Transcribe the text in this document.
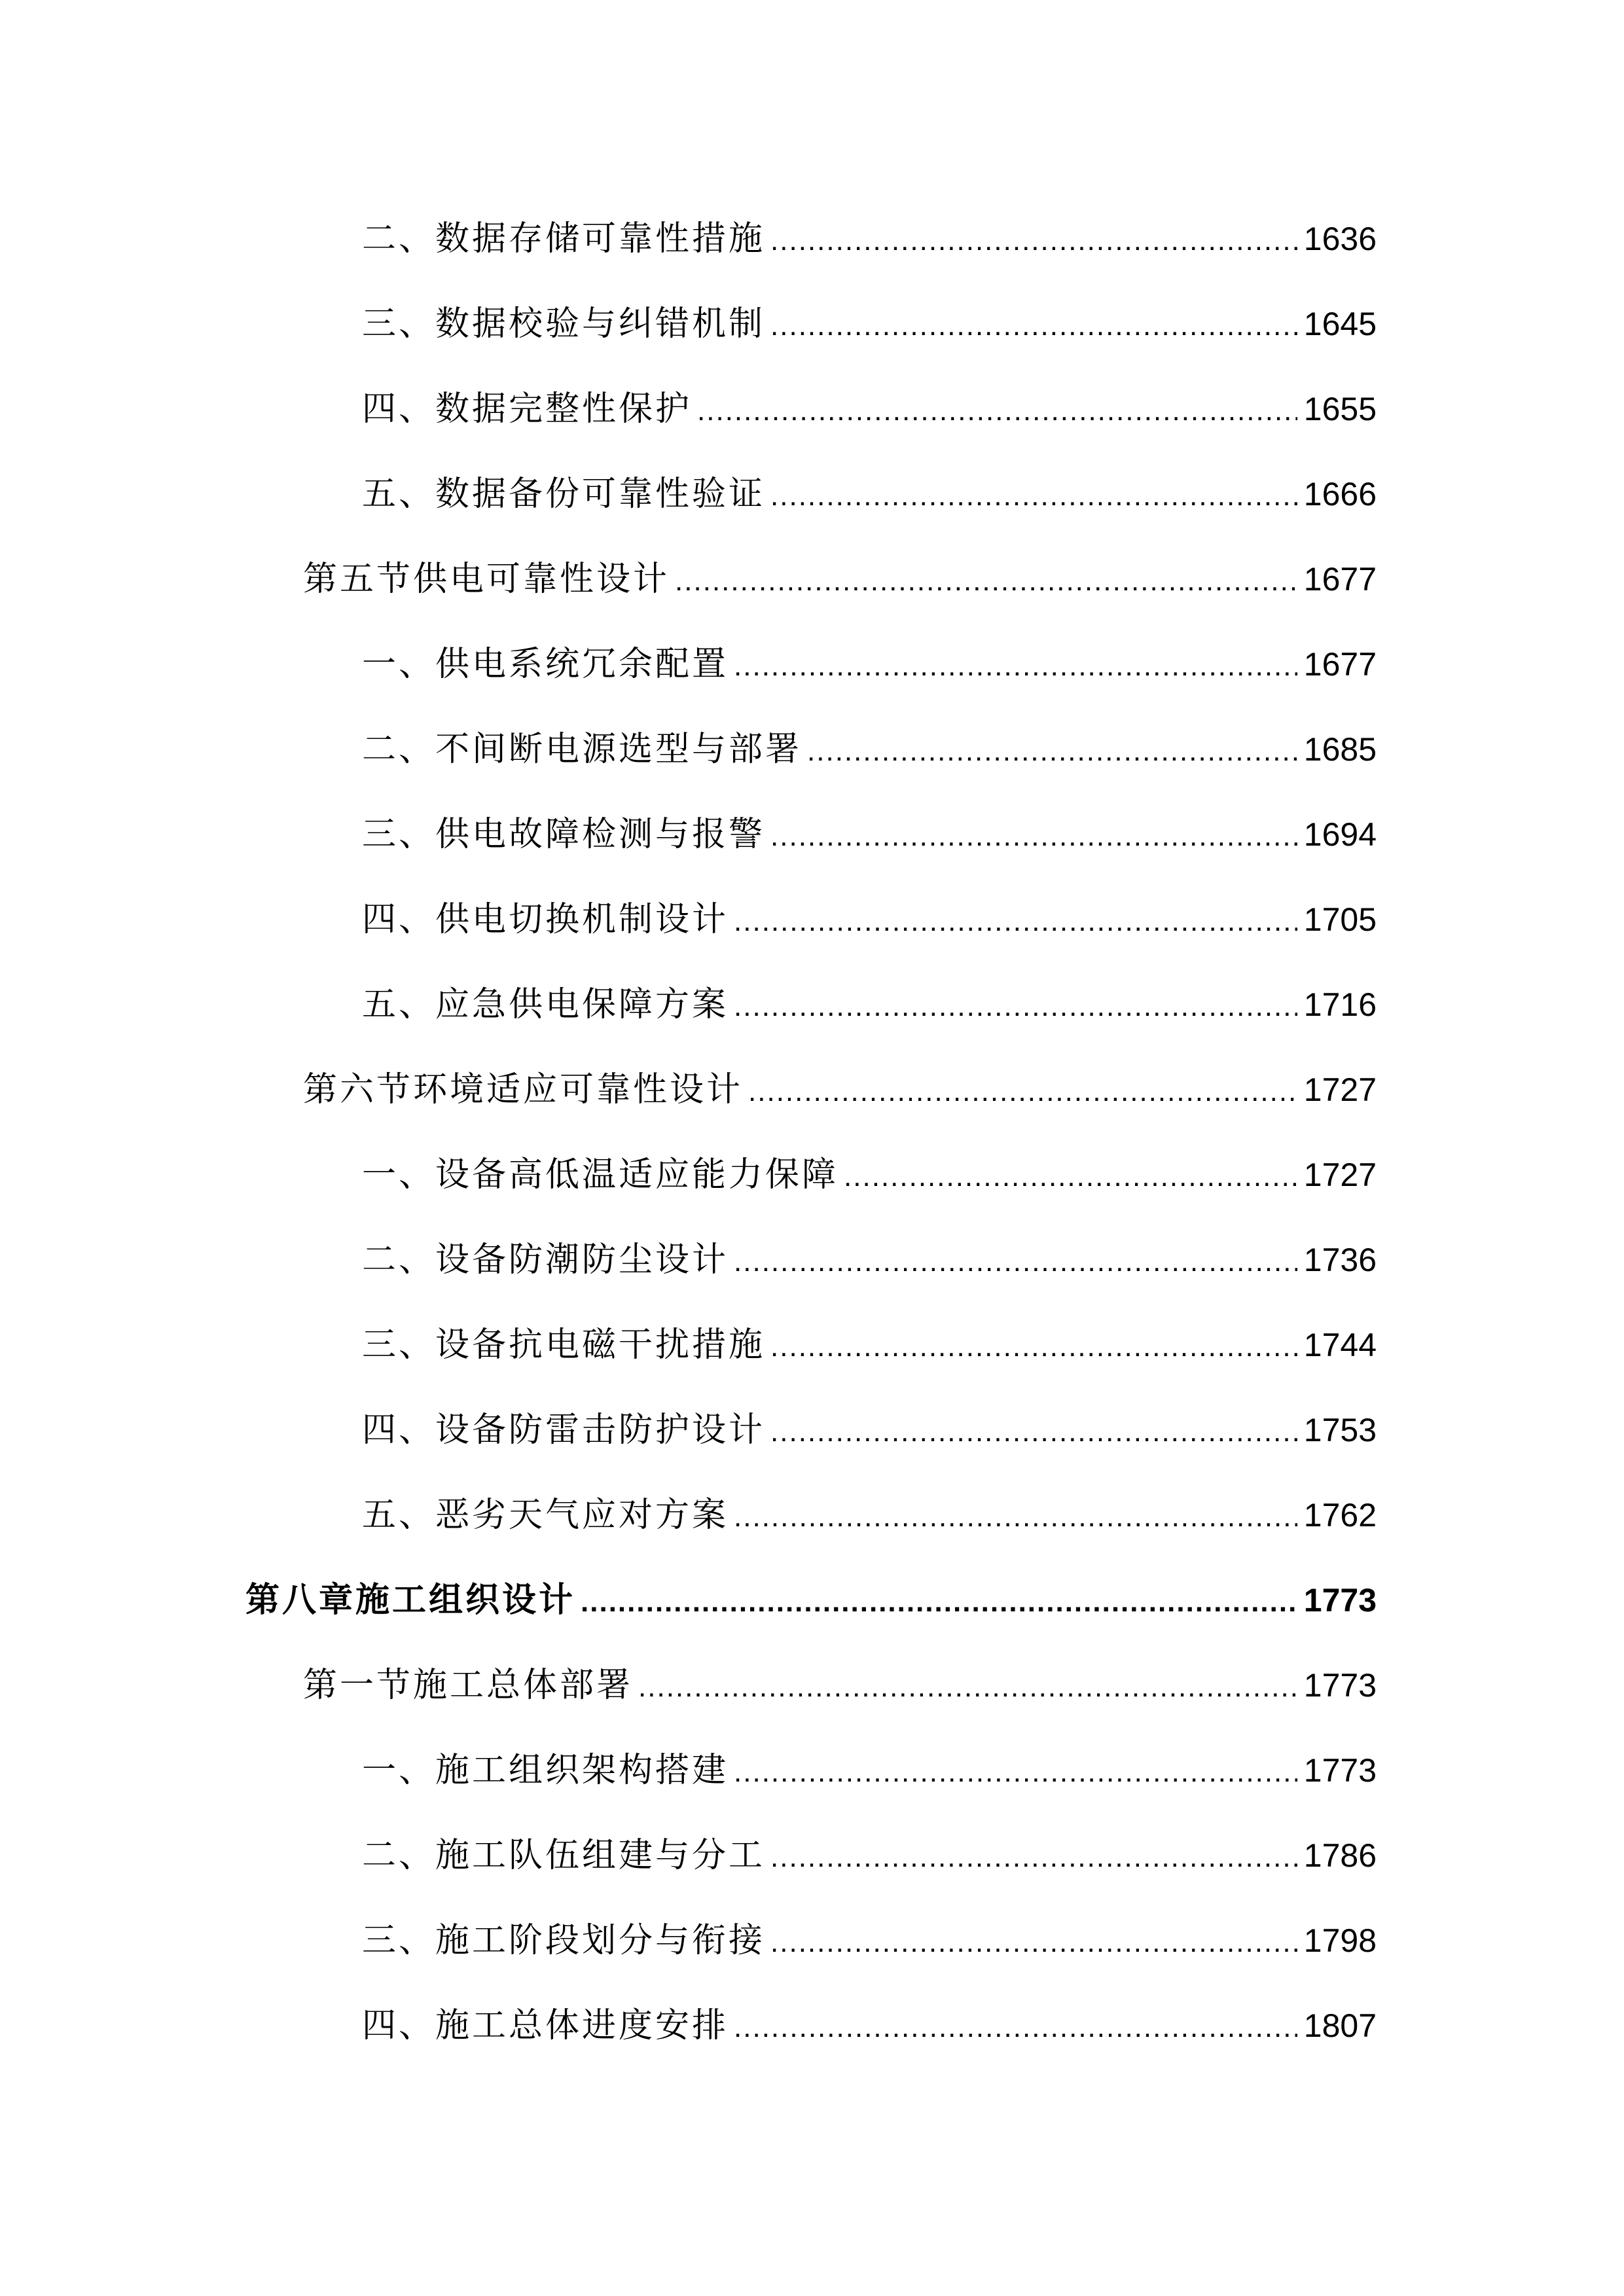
二、数据存储可靠性措施 .....	1636
三、数据校验与纠错机制 .....	1645
四、数据完整性保护 .....	1655
五、数据备份可靠性验证 .....	1666
第五节供电可靠性设计 .....	1677
一、供电系统冗余配置 .....	1677
二、不间断电源选型与部署 .....	1685
三、供电故障检测与报警 .....	1694
四、供电切换机制设计 .....	1705
五、应急供电保障方案 .....	1716
第六节环境适应可靠性设计 .....	1727
一、设备高低温适应能力保障 .....	1727
二、设备防潮防尘设计 .....	1736
三、设备抗电磁干扰措施 .....	1744
四、设备防雷击防护设计 .....	1753
五、恶劣天气应对方案 .....	1762
第八章施工组织设计 .....	1773
第一节施工总体部署 .....	1773
一、施工组织架构搭建 .....	1773
二、施工队伍组建与分工 .....	1786
三、施工阶段划分与衔接 .....	1798
四、施工总体进度安排 .....	1807
